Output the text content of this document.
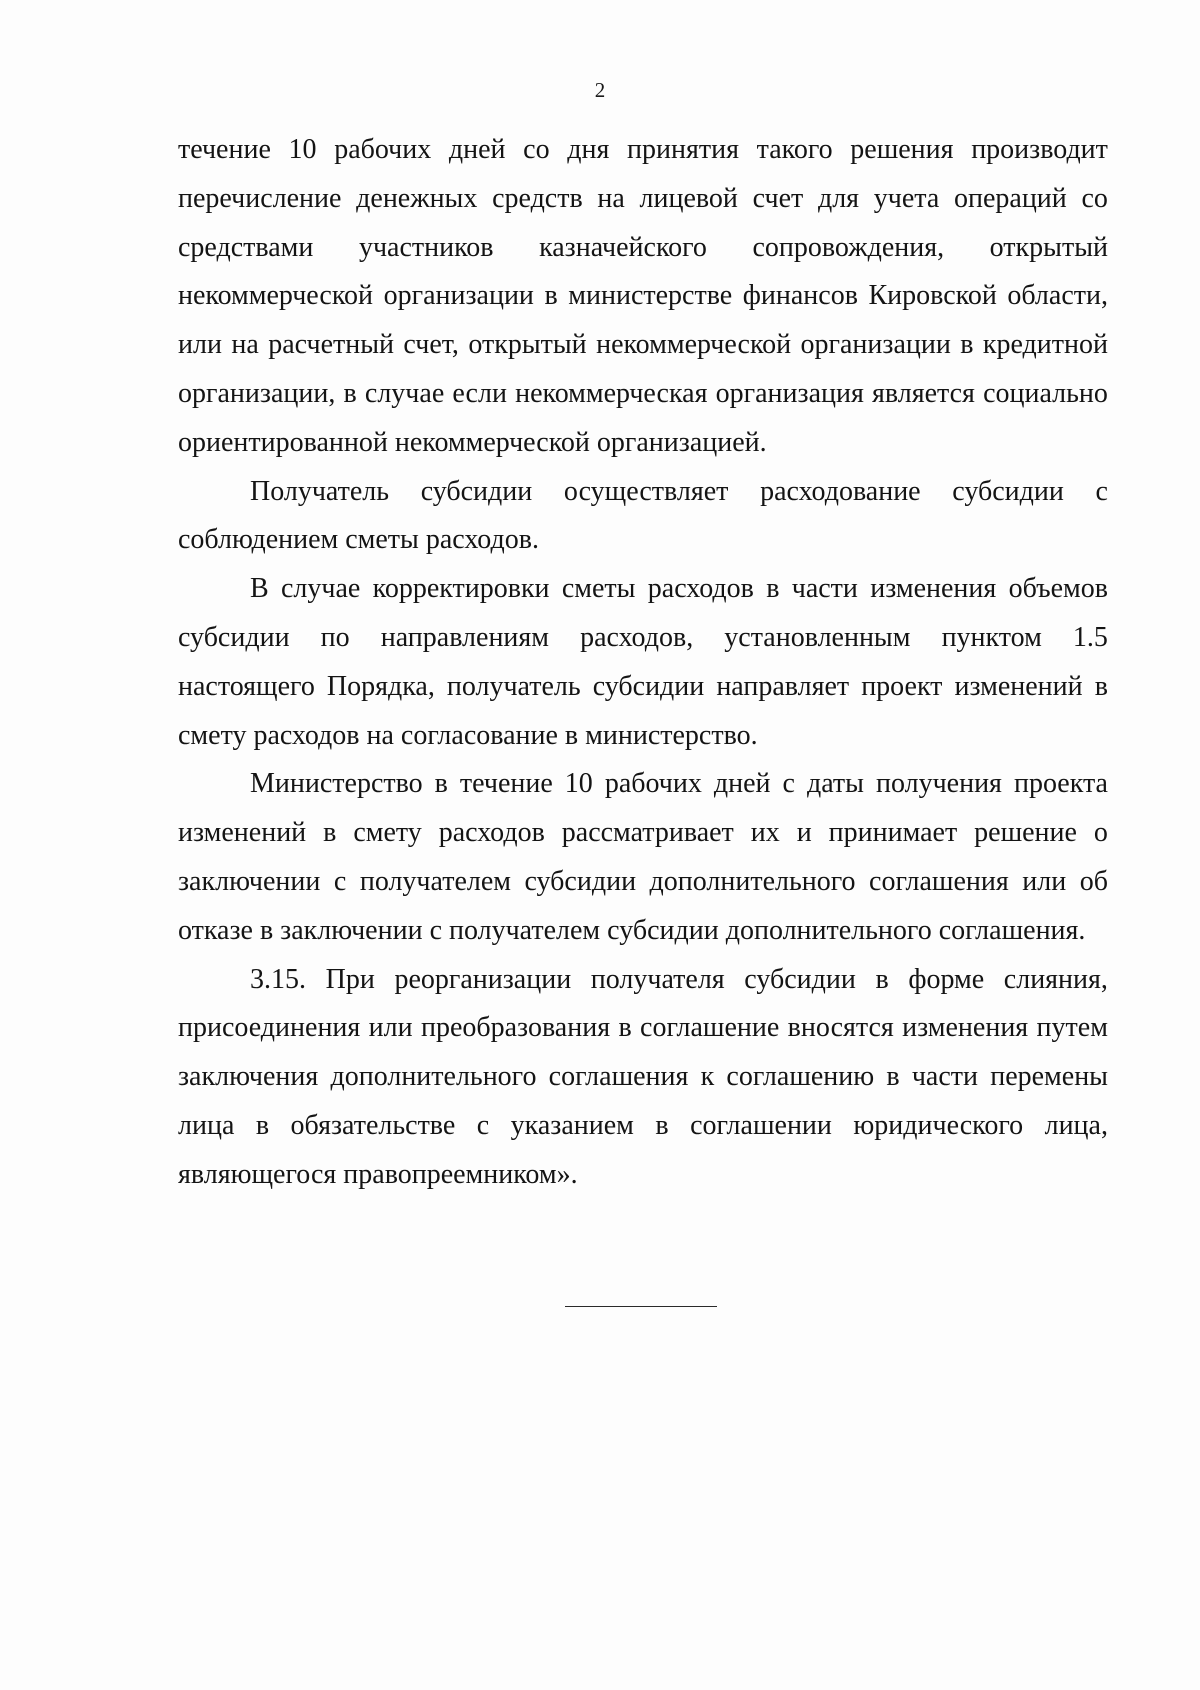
2
течение 10 рабочих дней со дня принятия такого решения производит
перечисление денежных средств на лицевой счет для учета операций со
средствами участников казначейского сопровождения, открытый
некоммерческой организации в министерстве финансов Кировской области,
или на расчетный счет, открытый некоммерческой организации в кредитной
организации, в случае если некоммерческая организация является социально
ориентированной некоммерческой организацией.
Получатель субсидии осуществляет расходование субсидии с
соблюдением сметы расходов.
В случае корректировки сметы расходов в части изменения объемов
субсидии по направлениям расходов, установленным пунктом 1.5
настоящего Порядка, получатель субсидии направляет проект изменений в
смету расходов на согласование в министерство.
Министерство в течение 10 рабочих дней с даты получения проекта
изменений в смету расходов рассматривает их и принимает решение о
заключении с получателем субсидии дополнительного соглашения или об
отказе в заключении с получателем субсидии дополнительного соглашения.
3.15. При реорганизации получателя субсидии в форме слияния,
присоединения или преобразования в соглашение вносятся изменения путем
заключения дополнительного соглашения к соглашению в части перемены
лица в обязательстве с указанием в соглашении юридического лица,
являющегося правопреемником».
